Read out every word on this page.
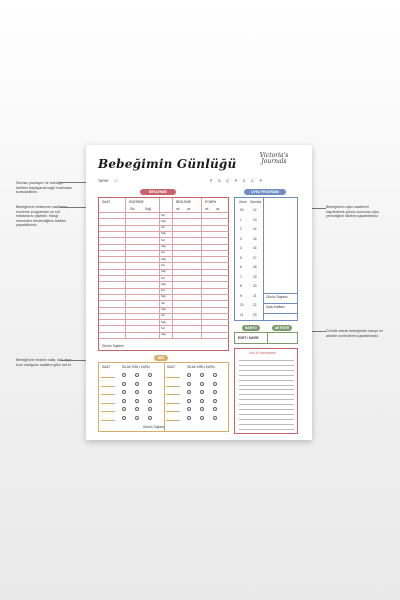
Süresiz planlayıcı ile ödediğin tarihten başlayarak kağıt israfından kurtulabilirsin.
Bebeğinizin beslenme saatlerini; emzirme programları ve süt miktarlarını pişebilir. Hangi memeden beslendiğinin takibini yapabilirsiniz.
Bebeğinizin bezinin ıslak, kirli veya kuru olduğunu saatlere göre not et
Bebeğinizin uyku saatlerini kaydederek günün sonunda uyku yerindiğinin takibini yapabilirsiniz.
Günlük olarak bebeğinizin banyo ve aktivite kontrollerini yapabilirsiniz.
Bebeğimin Günlüğü
Victoria's
Journals
TARİH / /	P S Ç P C C P
BESLENME
SAAT	EMZİRME	BESLEME	POMPA
Sol	Sağ	ml oz	ml oz
Sol
Sağ
Sol
Sağ
Sol
Sağ
Sol
Sağ
Sol
Sağ
Sol
Sağ
Sol
Sağ
Sol
Sağ
Sol
Sağ
Sol
Sağ
Günün Toplamı
UYKU PROGRAMI
Gece Gündüz
00	12
1	13
2	14
3	15
4	16
5	17
6	18
7	19
8	20
9	21
10	22
11	23
Günün Toplamı
Uyku Kalitesi
BANYO	AKTİVİTE
EVET / HAYIR
Not & Hatırlatma
BEZ
SAAT	ISLAK KİRLİ KURU	SAAT	ISLAK KİRLİ KURU
Günün Toplamı
